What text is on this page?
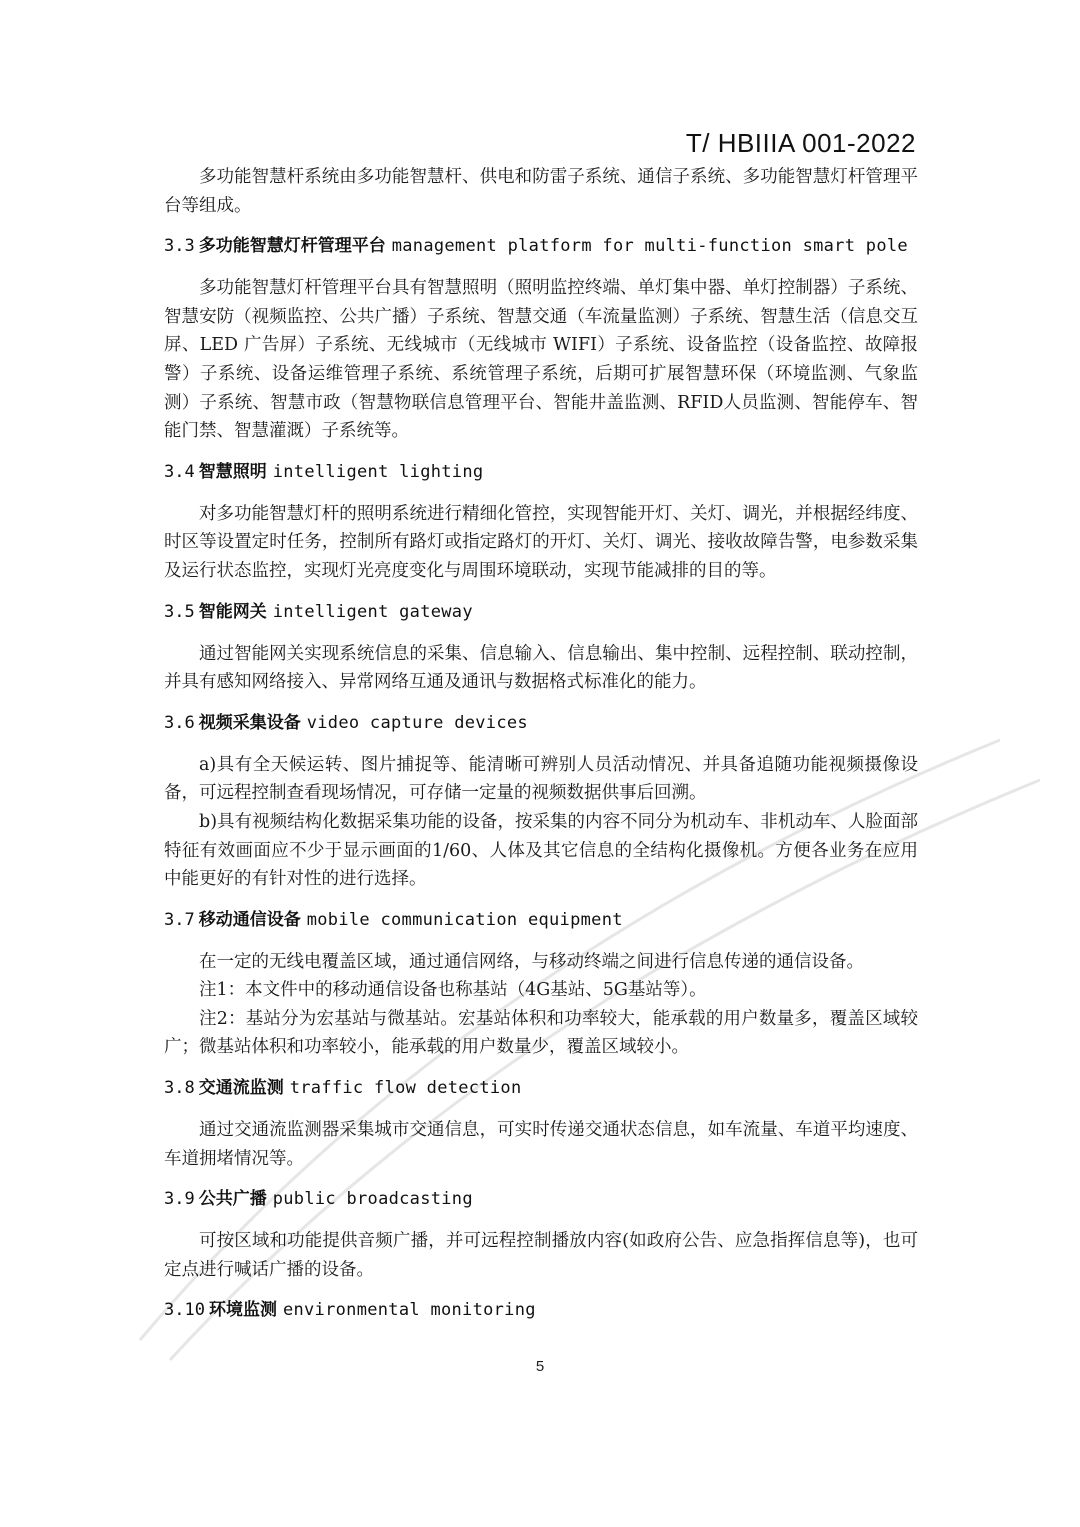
T/ HBIIIA 001-2022

多功能智慧杆系统由多功能智慧杆、供电和防雷子系统、通信子系统、多功能智慧灯杆管理平台等组成。

3.3 多功能智慧灯杆管理平台 management platform for multi-function smart pole

多功能智慧灯杆管理平台具有智慧照明（照明监控终端、单灯集中器、单灯控制器）子系统、智慧安防（视频监控、公共广播）子系统、智慧交通（车流量监测）子系统、智慧生活（信息交互屏、LED 广告屏）子系统、无线城市（无线城市 WIFI）子系统、设备监控（设备监控、故障报警）子系统、设备运维管理子系统、系统管理子系统，后期可扩展智慧环保（环境监测、气象监测）子系统、智慧市政（智慧物联信息管理平台、智能井盖监测、RFID人员监测、智能停车、智能门禁、智慧灌溉）子系统等。

3.4 智慧照明 intelligent lighting

对多功能智慧灯杆的照明系统进行精细化管控，实现智能开灯、关灯、调光，并根据经纬度、时区等设置定时任务，控制所有路灯或指定路灯的开灯、关灯、调光、接收故障告警，电参数采集及运行状态监控，实现灯光亮度变化与周围环境联动，实现节能减排的目的等。

3.5 智能网关 intelligent gateway

通过智能网关实现系统信息的采集、信息输入、信息输出、集中控制、远程控制、联动控制，并具有感知网络接入、异常网络互通及通讯与数据格式标准化的能力。

3.6 视频采集设备 video capture devices

a)具有全天候运转、图片捕捉等、能清晰可辨别人员活动情况、并具备追随功能视频摄像设备，可远程控制查看现场情况，可存储一定量的视频数据供事后回溯。

b)具有视频结构化数据采集功能的设备，按采集的内容不同分为机动车、非机动车、人脸面部特征有效画面应不少于显示画面的1/60、人体及其它信息的全结构化摄像机。方便各业务在应用中能更好的有针对性的进行选择。

3.7 移动通信设备 mobile communication equipment

在一定的无线电覆盖区域，通过通信网络，与移动终端之间进行信息传递的通信设备。

注1：本文件中的移动通信设备也称基站（4G基站、5G基站等）。

注2：基站分为宏基站与微基站。宏基站体积和功率较大，能承载的用户数量多，覆盖区域较广；微基站体积和功率较小，能承载的用户数量少，覆盖区域较小。

3.8 交通流监测 traffic flow detection

通过交通流监测器采集城市交通信息，可实时传递交通状态信息，如车流量、车道平均速度、车道拥堵情况等。

3.9 公共广播 public broadcasting

可按区域和功能提供音频广播，并可远程控制播放内容(如政府公告、应急指挥信息等)，也可定点进行喊话广播的设备。

3.10 环境监测 environmental monitoring
5
